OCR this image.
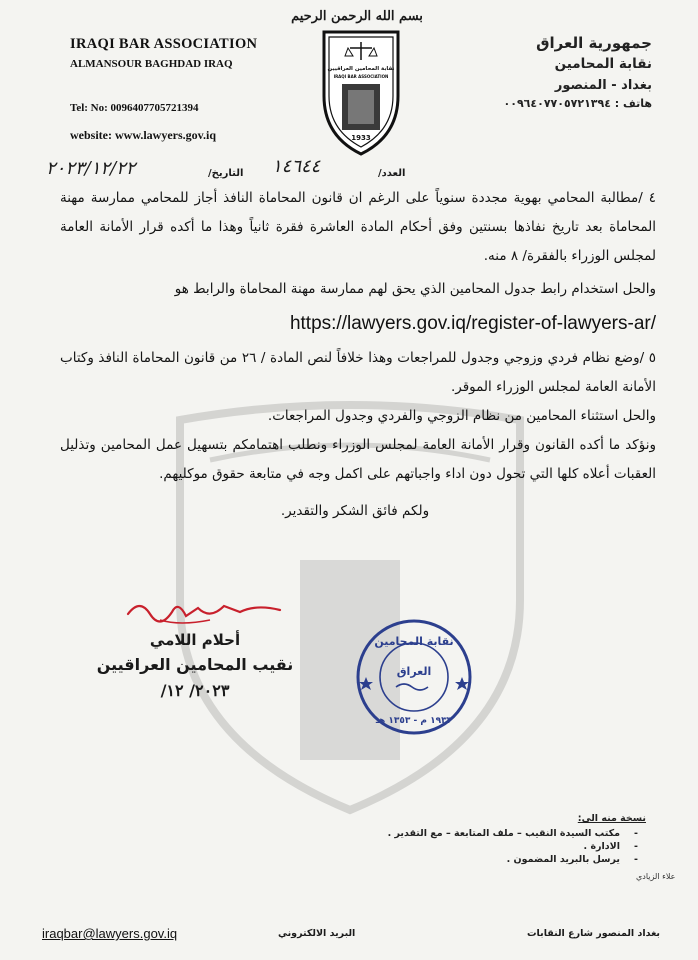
IRAQI BAR ASSOCIATION
ALMANSOUR BAGHDAD IRAQ
Tel: No: 0096407705721394
website: www.lawyers.gov.iq
بسم الله الرحمن الرحيم
1933
نقابة المحامين العراقيين
IRAQI BAR ASSOCIATION
جمهورية العراق
نقابة المحامين
بغداد - المنصور
هاتف : ٠٠٩٦٤٠٧٧٠٥٧٢١٣٩٤
٢٠٢٣/١٢/٢٢	التاريخ/ ١٤٦٤٤	العدد/

٤ /مطالبة المحامي بهوية مجددة سنوياً على الرغم ان قانون المحاماة النافذ أجاز للمحامي ممارسة مهنة المحاماة بعد تاريخ نفاذها بسنتين وفق أحكام المادة العاشرة فقرة ثانياً وهذا ما أكده قرار الأمانة العامة لمجلس الوزراء بالفقرة/ ٨ منه.

والحل استخدام رابط جدول المحامين الذي يحق لهم ممارسة مهنة المحاماة والرابط هو

https://lawyers.gov.iq/register-of-lawyers-ar/

٥ /وضع نظام فردي وزوجي وجدول للمراجعات وهذا خلافاً لنص المادة / ٢٦ من قانون المحاماة النافذ وكتاب الأمانة العامة لمجلس الوزراء الموقر.

والحل استثناء المحامين من نظام الزوجي والفردي وجدول المراجعات.

ونؤكد ما أكده القانون وقرار الأمانة العامة لمجلس الوزراء ونطلب اهتمامكم بتسهيل عمل المحامين وتذليل العقبات أعلاه كلها التي تحول دون اداء واجباتهم على اكمل وجه في متابعة حقوق موكليهم.

ولكم فائق الشكر والتقدير.

أحلام اللامي
نقيب المحامين العراقيين
٢٠٢٣/ ١٢/
نقابة المحامين
العراق
١٩٣٣ م - ١٣٥٣ هـ
نسخة منه الى:
- مكتب السيدة النقيب – ملف المتابعة – مع التقدير .
- الادارة .
- يرسل بالبريد المضمون .
علاء الزيادي
iraqbar@lawyers.gov.iq	البريد الالكتروني	بغداد المنصور شارع النقابات
